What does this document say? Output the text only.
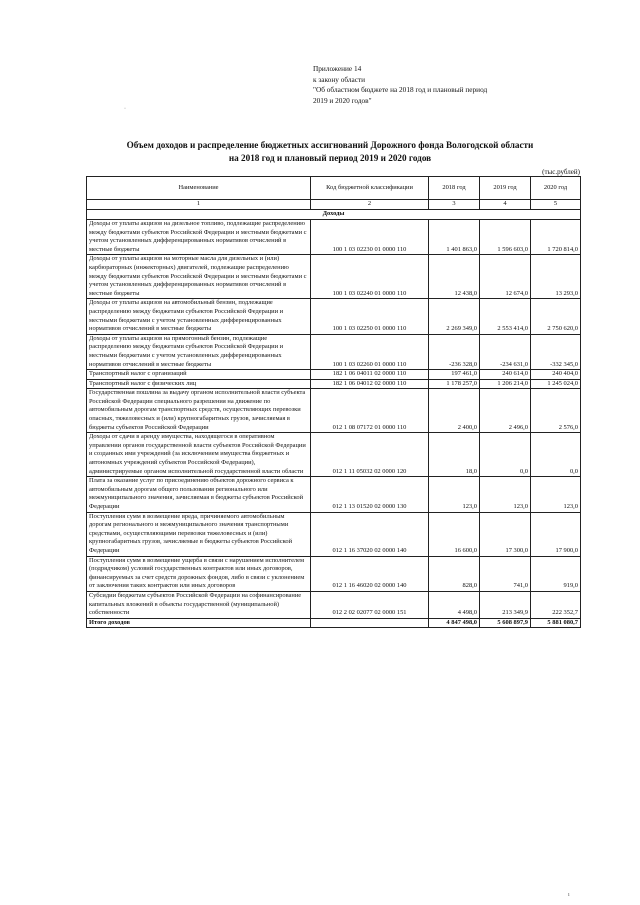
Приложение 14
к закону области
"Об областном бюджете на 2018 год и плановый период
2019 и 2020 годов"
·
Объем доходов и распределение бюджетных ассигнований Дорожного фонда Вологодской области
на 2018 год и плановый период 2019 и 2020 годов
(тыс.рублей)
Наименование	Код бюджетной классификации	2018 год	2019 год	2020 год
1	2	3	4	5
Доходы				
Доходы от уплаты акцизов на дизельное топливо, подлежащие распределению между бюджетами субъектов Российской Федерации и местными бюджетами с учетом установленных дифференцированных нормативов отчислений в местные бюджеты	100 1 03 02230 01 0000 110	1 401 863,0	1 596 603,0	1 720 814,0
Доходы от уплаты акцизов на моторные масла для дизельных и (или) карбюраторных (инжекторных) двигателей, подлежащие распределению между бюджетами субъектов Российской Федерации и местными бюджетами с учетом установленных дифференцированных нормативов отчислений в местные бюджеты	100 1 03 02240 01 0000 110	12 438,0	12 674,0	13 293,0
Доходы от уплаты акцизов на автомобильный бензин, подлежащие распределению между бюджетами субъектов Российской Федерации и местными бюджетами с учетом установленных дифференцированных нормативов отчислений в местные бюджеты	100 1 03 02250 01 0000 110	2 269 349,0	2 553 414,0	2 750 620,0
Доходы от уплаты акцизов на прямогонный бензин, подлежащие распределению между бюджетами субъектов Российской Федерации и местными бюджетами с учетом установленных дифференцированных нормативов отчислений в местные бюджеты	100 1 03 02260 01 0000 110	-236 328,0	-234 631,0	-332 345,0
Транспортный налог с организаций	182 1 06 04011 02 0000 110	197 461,0	240 614,0	240 404,0
Транспортный налог с физических лиц	182 1 06 04012 02 0000 110	1 178 257,0	1 206 214,0	1 245 024,0
Государственная пошлина за выдачу органом исполнительной власти субъекта Российской Федерации специального разрешения на движение по автомобильным дорогам транспортных средств, осуществляющих перевозки опасных, тяжеловесных и (или) крупногабаритных грузов, зачисляемая в бюджеты субъектов Российской Федерации	012 1 08 07172 01 0000 110	2 400,0	2 496,0	2 576,0
Доходы от сдачи в аренду имущества, находящегося в оперативном управлении органов государственной власти субъектов Российской Федерации и созданных ими учреждений (за исключением имущества бюджетных и автономных учреждений субъектов Российской Федерации), администрируемые органом исполнительной государственной власти области	012 1 11 05032 02 0000 120	18,0	0,0	0,0
Плата за оказание услуг по присоединению объектов дорожного сервиса к автомобильным дорогам общего пользования регионального или межмуниципального значения, зачисляемая в бюджеты субъектов Российской Федерации	012 1 13 01520 02 0000 130	123,0	123,0	123,0
Поступления сумм в возмещение вреда, причиняемого автомобильным дорогам регионального и межмуниципального значения транспортными средствами, осуществляющими перевозки тяжеловесных и (или) крупногабаритных грузов, зачисляемые в бюджеты субъектов Российской Федерации	012 1 16 37020 02 0000 140	16 600,0	17 300,0	17 900,0
Поступления сумм в возмещение ущерба в связи с нарушением исполнителем (подрядчиком) условий государственных контрактов или иных договоров, финансируемых за счет средств дорожных фондов, либо в связи с уклонением от заключения таких контрактов или иных договоров	012 1 16 46020 02 0000 140	828,0	741,0	919,0
Субсидии бюджетам субъектов Российской Федерации на софинансирование капитальных вложений в объекты государственной (муниципальной) собственности	012 2 02 02077 02 0000 151	4 498,0	213 349,9	222 352,7
Итого доходов		4 847 498,0	5 608 897,9	5 881 080,7
ı
